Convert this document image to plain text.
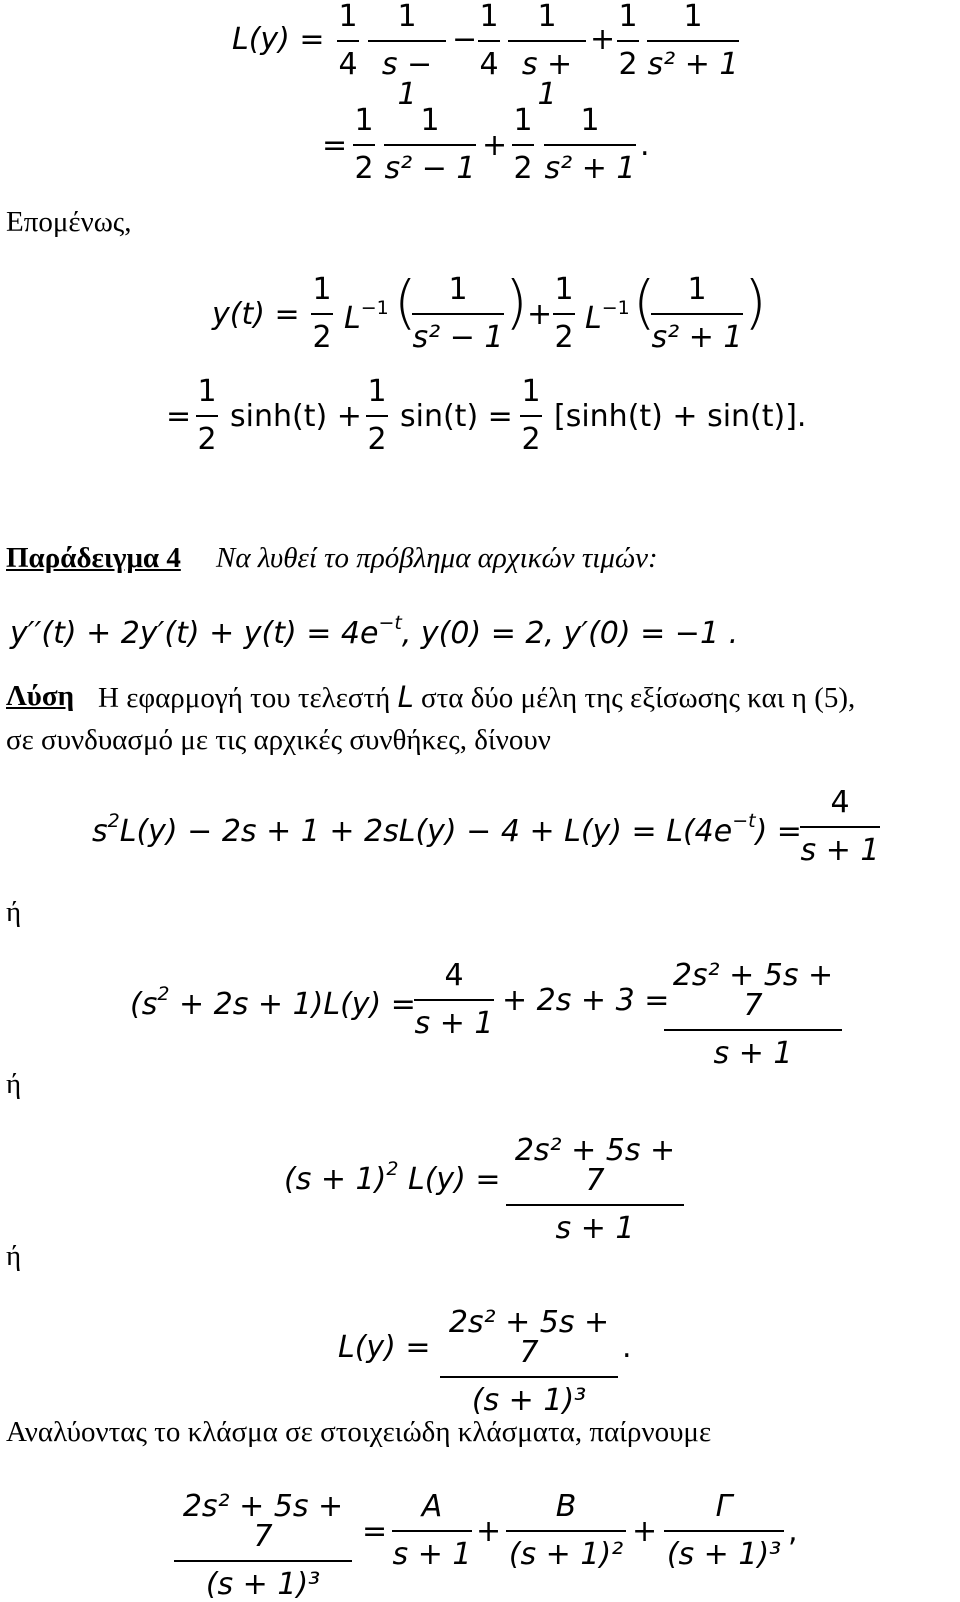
L(y) =
1
4
1
s − 1
−
1
4
1
s + 1
+
1
2
1
s² + 1
=
1
2
1
s² − 1
+
1
2
1
s² + 1
.
Επομένως,
y(t) =
1
2
$L^{-1}$ (	1
s² − 1
) +
1
2
$L^{-1}$ (	1
s² + 1
)
=
1
2
sinh(t) +
1
2
sin(t) =
1
2
[sinh(t) + sin(t)].
Παράδειγμα 4 Να λυθεί το πρόβλημα αρχικών τιμών:
$y''(t) + 2y'(t) + y(t) = 4e^{-t}$, y(0) = 2, y′(0) = −1 .
Λύση Η εφαρμογή του τελεστή L στα δύο μέλη της εξίσωσης και η (5),
σε συνδυασμό με τις αρχικές συνθήκες, δίνουν
$s^2L(y) - 2s + 1 + 2sL(y) - 4 + L(y) = L(4e^{-t})$ =
4
s + 1
ή
$(s^2 + 2s + 1)L(y)$ =
4
s + 1
+ 2s + 3 =
2s² + 5s + 7
s + 1
ή
$(s + 1)^2$ L(y) =
2s² + 5s + 7
s + 1
ή
L(y) =
2s² + 5s + 7
(s + 1)³
.
Αναλύοντας το κλάσμα σε στοιχειώδη κλάσματα, παίρνουμε
2s² + 5s + 7
(s + 1)³
=
A
s + 1
+
B
(s + 1)²
+
Γ
(s + 1)³
,
